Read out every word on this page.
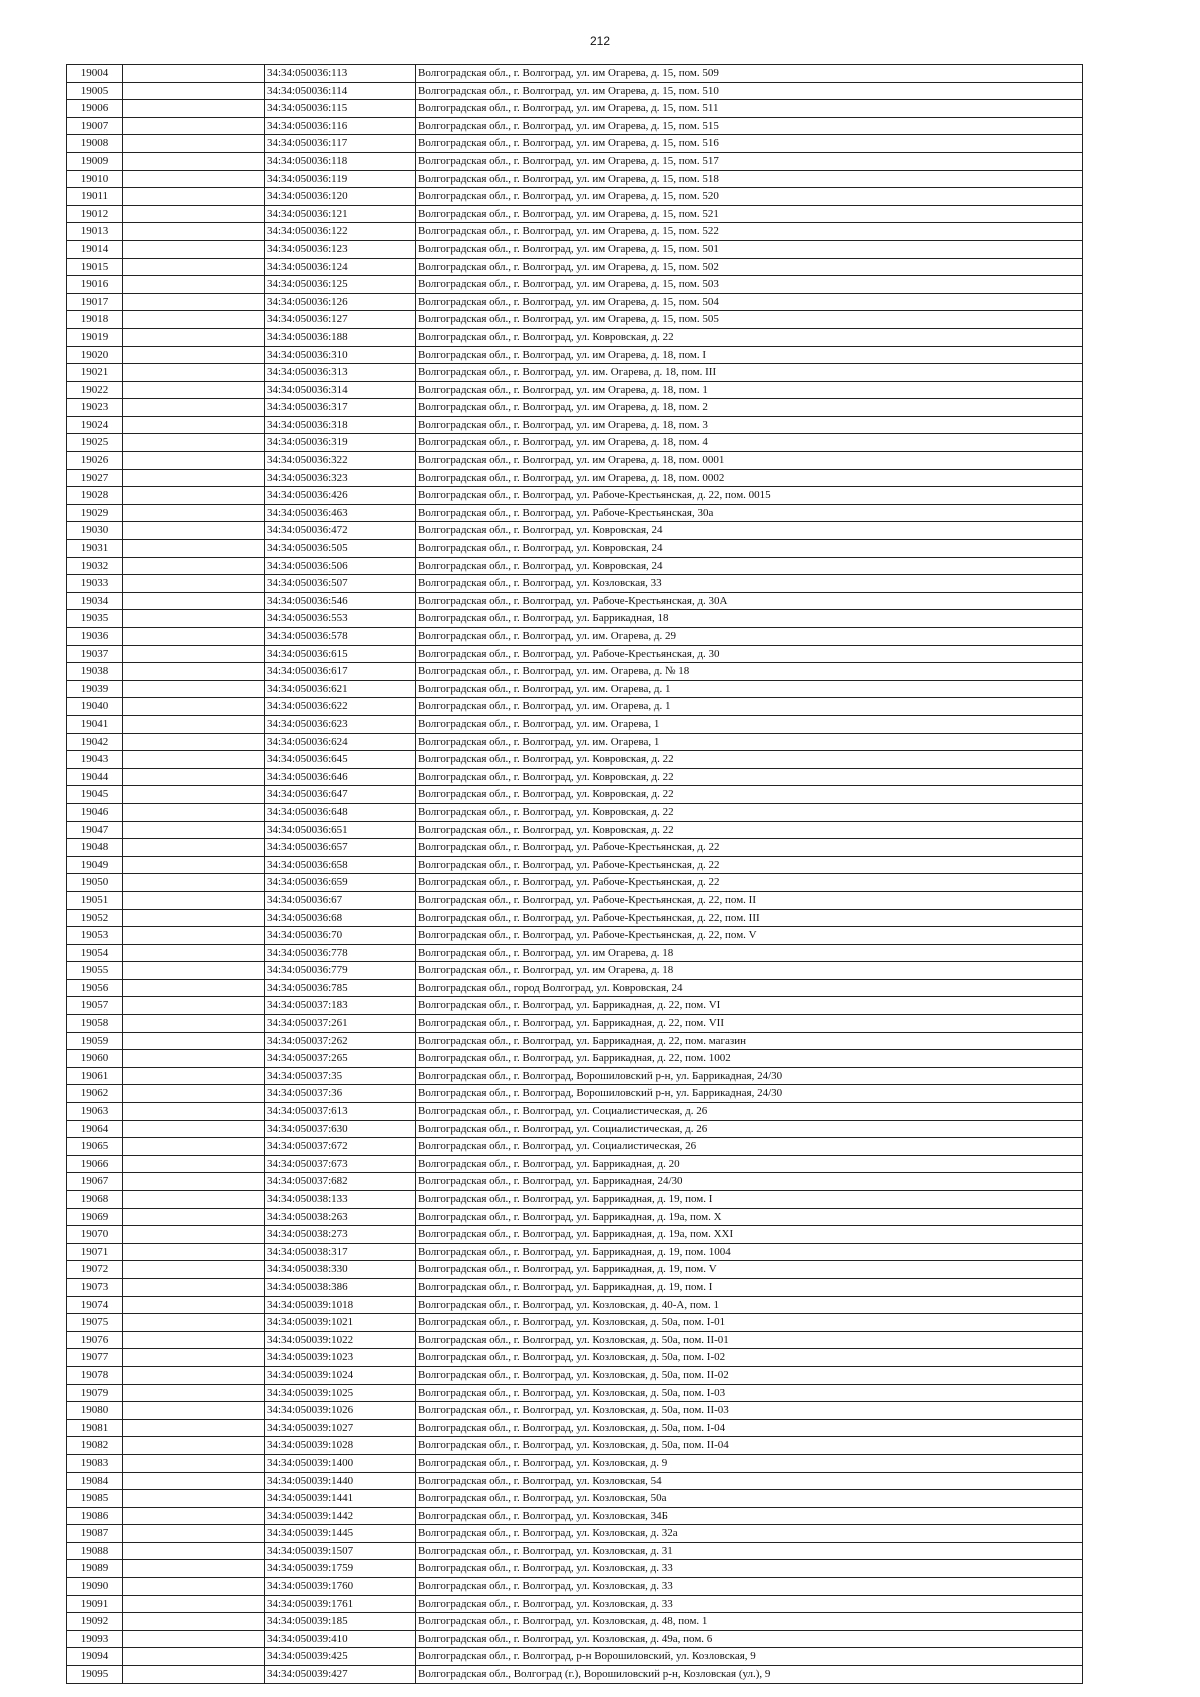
212
19004		34:34:050036:113	Волгоградская обл., г. Волгоград, ул. им Огарева, д. 15, пом. 509
19005		34:34:050036:114	Волгоградская обл., г. Волгоград, ул. им Огарева, д. 15, пом. 510
19006		34:34:050036:115	Волгоградская обл., г. Волгоград, ул. им Огарева, д. 15, пом. 511
19007		34:34:050036:116	Волгоградская обл., г. Волгоград, ул. им Огарева, д. 15, пом. 515
19008		34:34:050036:117	Волгоградская обл., г. Волгоград, ул. им Огарева, д. 15, пом. 516
19009		34:34:050036:118	Волгоградская обл., г. Волгоград, ул. им Огарева, д. 15, пом. 517
19010		34:34:050036:119	Волгоградская обл., г. Волгоград, ул. им Огарева, д. 15, пом. 518
19011		34:34:050036:120	Волгоградская обл., г. Волгоград, ул. им Огарева, д. 15, пом. 520
19012		34:34:050036:121	Волгоградская обл., г. Волгоград, ул. им Огарева, д. 15, пом. 521
19013		34:34:050036:122	Волгоградская обл., г. Волгоград, ул. им Огарева, д. 15, пом. 522
19014		34:34:050036:123	Волгоградская обл., г. Волгоград, ул. им Огарева, д. 15, пом. 501
19015		34:34:050036:124	Волгоградская обл., г. Волгоград, ул. им Огарева, д. 15, пом. 502
19016		34:34:050036:125	Волгоградская обл., г. Волгоград, ул. им Огарева, д. 15, пом. 503
19017		34:34:050036:126	Волгоградская обл., г. Волгоград, ул. им Огарева, д. 15, пом. 504
19018		34:34:050036:127	Волгоградская обл., г. Волгоград, ул. им Огарева, д. 15, пом. 505
19019		34:34:050036:188	Волгоградская обл., г. Волгоград, ул. Ковровская, д. 22
19020		34:34:050036:310	Волгоградская обл., г. Волгоград, ул. им Огарева, д. 18, пом. I
19021		34:34:050036:313	Волгоградская обл., г. Волгоград, ул. им. Огарева, д. 18, пом. III
19022		34:34:050036:314	Волгоградская обл., г. Волгоград, ул. им Огарева, д. 18, пом. 1
19023		34:34:050036:317	Волгоградская обл., г. Волгоград, ул. им Огарева, д. 18, пом. 2
19024		34:34:050036:318	Волгоградская обл., г. Волгоград, ул. им Огарева, д. 18, пом. 3
19025		34:34:050036:319	Волгоградская обл., г. Волгоград, ул. им Огарева, д. 18, пом. 4
19026		34:34:050036:322	Волгоградская обл., г. Волгоград, ул. им Огарева, д. 18, пом. 0001
19027		34:34:050036:323	Волгоградская обл., г. Волгоград, ул. им Огарева, д. 18, пом. 0002
19028		34:34:050036:426	Волгоградская обл., г. Волгоград, ул. Рабоче-Крестьянская, д. 22, пом. 0015
19029		34:34:050036:463	Волгоградская обл., г. Волгоград, ул. Рабоче-Крестьянская, 30а
19030		34:34:050036:472	Волгоградская обл., г. Волгоград, ул. Ковровская, 24
19031		34:34:050036:505	Волгоградская обл., г. Волгоград, ул. Ковровская, 24
19032		34:34:050036:506	Волгоградская обл., г. Волгоград, ул. Ковровская, 24
19033		34:34:050036:507	Волгоградская обл., г. Волгоград, ул. Козловская, 33
19034		34:34:050036:546	Волгоградская обл., г. Волгоград, ул. Рабоче-Крестьянская, д. 30А
19035		34:34:050036:553	Волгоградская обл., г. Волгоград, ул. Баррикадная, 18
19036		34:34:050036:578	Волгоградская обл., г. Волгоград, ул. им. Огарева, д. 29
19037		34:34:050036:615	Волгоградская обл., г. Волгоград, ул. Рабоче-Крестьянская, д. 30
19038		34:34:050036:617	Волгоградская обл., г. Волгоград, ул. им. Огарева, д. № 18
19039		34:34:050036:621	Волгоградская обл., г. Волгоград, ул. им. Огарева, д. 1
19040		34:34:050036:622	Волгоградская обл., г. Волгоград, ул. им. Огарева, д. 1
19041		34:34:050036:623	Волгоградская обл., г. Волгоград, ул. им. Огарева, 1
19042		34:34:050036:624	Волгоградская обл., г. Волгоград, ул. им. Огарева, 1
19043		34:34:050036:645	Волгоградская обл., г. Волгоград, ул. Ковровская, д. 22
19044		34:34:050036:646	Волгоградская обл., г. Волгоград, ул. Ковровская, д. 22
19045		34:34:050036:647	Волгоградская обл., г. Волгоград, ул. Ковровская, д. 22
19046		34:34:050036:648	Волгоградская обл., г. Волгоград, ул. Ковровская, д. 22
19047		34:34:050036:651	Волгоградская обл., г. Волгоград, ул. Ковровская, д. 22
19048		34:34:050036:657	Волгоградская обл., г. Волгоград, ул. Рабоче-Крестьянская, д. 22
19049		34:34:050036:658	Волгоградская обл., г. Волгоград, ул. Рабоче-Крестьянская, д. 22
19050		34:34:050036:659	Волгоградская обл., г. Волгоград, ул. Рабоче-Крестьянская, д. 22
19051		34:34:050036:67	Волгоградская обл., г. Волгоград, ул. Рабоче-Крестьянская, д. 22, пом. II
19052		34:34:050036:68	Волгоградская обл., г. Волгоград, ул. Рабоче-Крестьянская, д. 22, пом. III
19053		34:34:050036:70	Волгоградская обл., г. Волгоград, ул. Рабоче-Крестьянская, д. 22, пом. V
19054		34:34:050036:778	Волгоградская обл., г. Волгоград, ул. им Огарева, д. 18
19055		34:34:050036:779	Волгоградская обл., г. Волгоград, ул. им Огарева, д. 18
19056		34:34:050036:785	Волгоградская обл., город Волгоград, ул. Ковровская, 24
19057		34:34:050037:183	Волгоградская обл., г. Волгоград, ул. Баррикадная, д. 22, пом. VI
19058		34:34:050037:261	Волгоградская обл., г. Волгоград, ул. Баррикадная, д. 22, пом. VII
19059		34:34:050037:262	Волгоградская обл., г. Волгоград, ул. Баррикадная, д. 22, пом. магазин
19060		34:34:050037:265	Волгоградская обл., г. Волгоград, ул. Баррикадная, д. 22, пом. 1002
19061		34:34:050037:35	Волгоградская обл., г. Волгоград, Ворошиловский р-н, ул. Баррикадная, 24/30
19062		34:34:050037:36	Волгоградская обл., г. Волгоград, Ворошиловский р-н, ул. Баррикадная, 24/30
19063		34:34:050037:613	Волгоградская обл., г. Волгоград, ул. Социалистическая, д. 26
19064		34:34:050037:630	Волгоградская обл., г. Волгоград, ул. Социалистическая, д. 26
19065		34:34:050037:672	Волгоградская обл., г. Волгоград, ул. Социалистическая, 26
19066		34:34:050037:673	Волгоградская обл., г. Волгоград, ул. Баррикадная, д. 20
19067		34:34:050037:682	Волгоградская обл., г. Волгоград, ул. Баррикадная, 24/30
19068		34:34:050038:133	Волгоградская обл., г. Волгоград, ул. Баррикадная, д. 19, пом. I
19069		34:34:050038:263	Волгоградская обл., г. Волгоград, ул. Баррикадная, д. 19а, пом. X
19070		34:34:050038:273	Волгоградская обл., г. Волгоград, ул. Баррикадная, д. 19а, пом. XXI
19071		34:34:050038:317	Волгоградская обл., г. Волгоград, ул. Баррикадная, д. 19, пом. 1004
19072		34:34:050038:330	Волгоградская обл., г. Волгоград, ул. Баррикадная, д. 19, пом. V
19073		34:34:050038:386	Волгоградская обл., г. Волгоград, ул. Баррикадная, д. 19, пом. I
19074		34:34:050039:1018	Волгоградская обл., г. Волгоград, ул. Козловская, д. 40-А, пом. 1
19075		34:34:050039:1021	Волгоградская обл., г. Волгоград, ул. Козловская, д. 50а, пом. I-01
19076		34:34:050039:1022	Волгоградская обл., г. Волгоград, ул. Козловская, д. 50а, пом. II-01
19077		34:34:050039:1023	Волгоградская обл., г. Волгоград, ул. Козловская, д. 50а, пом. I-02
19078		34:34:050039:1024	Волгоградская обл., г. Волгоград, ул. Козловская, д. 50а, пом. II-02
19079		34:34:050039:1025	Волгоградская обл., г. Волгоград, ул. Козловская, д. 50а, пом. I-03
19080		34:34:050039:1026	Волгоградская обл., г. Волгоград, ул. Козловская, д. 50а, пом. II-03
19081		34:34:050039:1027	Волгоградская обл., г. Волгоград, ул. Козловская, д. 50а, пом. I-04
19082		34:34:050039:1028	Волгоградская обл., г. Волгоград, ул. Козловская, д. 50а, пом. II-04
19083		34:34:050039:1400	Волгоградская обл., г. Волгоград, ул. Козловская, д. 9
19084		34:34:050039:1440	Волгоградская обл., г. Волгоград, ул. Козловская, 54
19085		34:34:050039:1441	Волгоградская обл., г. Волгоград, ул. Козловская, 50а
19086		34:34:050039:1442	Волгоградская обл., г. Волгоград, ул. Козловская, 34Б
19087		34:34:050039:1445	Волгоградская обл., г. Волгоград, ул. Козловская, д. 32а
19088		34:34:050039:1507	Волгоградская обл., г. Волгоград, ул. Козловская, д. 31
19089		34:34:050039:1759	Волгоградская обл., г. Волгоград, ул. Козловская, д. 33
19090		34:34:050039:1760	Волгоградская обл., г. Волгоград, ул. Козловская, д. 33
19091		34:34:050039:1761	Волгоградская обл., г. Волгоград, ул. Козловская, д. 33
19092		34:34:050039:185	Волгоградская обл., г. Волгоград, ул. Козловская, д. 48, пом. 1
19093		34:34:050039:410	Волгоградская обл., г. Волгоград, ул. Козловская, д. 49а, пом. 6
19094		34:34:050039:425	Волгоградская обл., г. Волгоград, р-н Ворошиловский, ул. Козловская, 9
19095		34:34:050039:427	Волгоградская обл., Волгоград (г.), Ворошиловский р-н, Козловская (ул.), 9
